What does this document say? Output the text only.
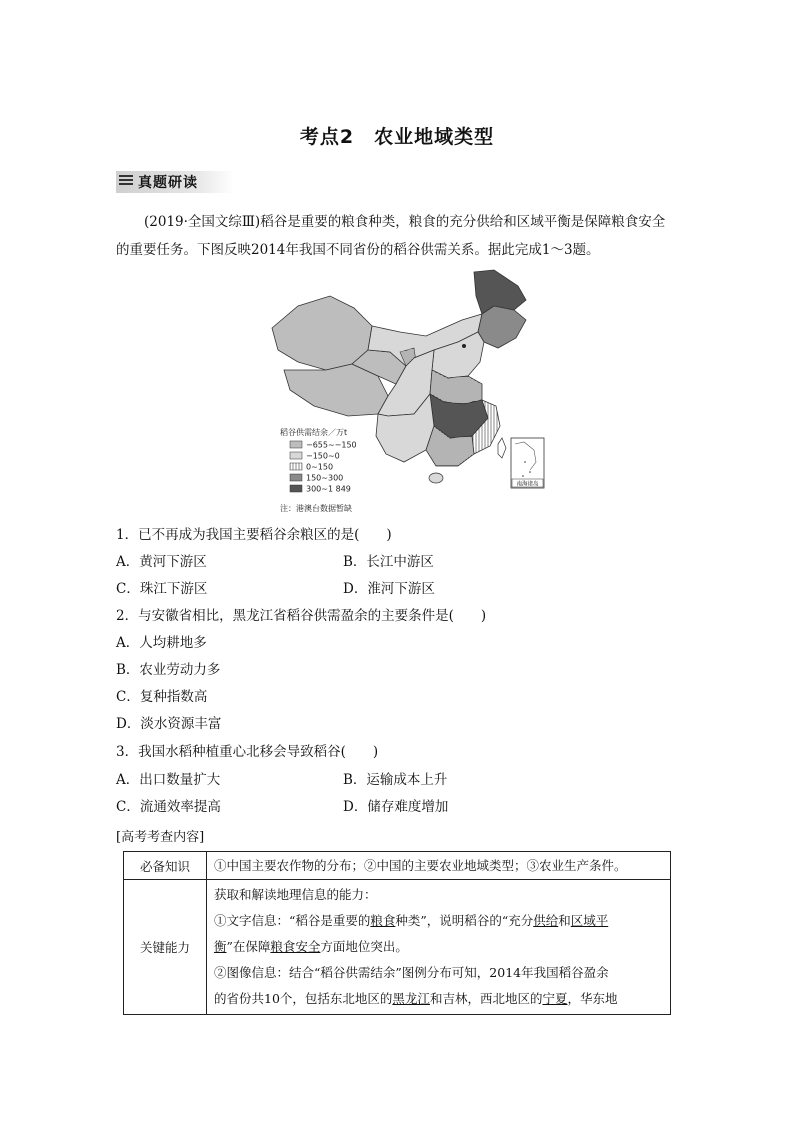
考点2　农业地域类型
真题研读
(2019·全国文综Ⅲ)稻谷是重要的粮食种类，粮食的充分供给和区域平衡是保障粮食安全的重要任务。下图反映2014年我国不同省份的稻谷供需关系。据此完成1～3题。
南海诸岛
稻谷供需结余／万t
−655~−150
−150~0
0~150
150~300
300~1 849
注：港澳台数据暂缺
1．已不再成为我国主要稻谷余粮区的是(　　)
A．黄河下游区	B．长江中游区
C．珠江下游区	D．淮河下游区
2．与安徽省相比，黑龙江省稻谷供需盈余的主要条件是(　　)
A．人均耕地多
B．农业劳动力多
C．复种指数高
D．淡水资源丰富
3．我国水稻种植重心北移会导致稻谷(　　)
A．出口数量扩大	B．运输成本上升
C．流通效率提高	D．储存难度增加
[高考考查内容]
必备知识	①中国主要农作物的分布；②中国的主要农业地域类型；③农业生产条件。
关键能力	获取和解读地理信息的能力：
①文字信息：“稻谷是重要的粮食种类”，说明稻谷的“充分供给和区域平
衡”在保障粮食安全方面地位突出。
②图像信息：结合“稻谷供需结余”图例分布可知，2014年我国稻谷盈余
的省份共10个，包括东北地区的黑龙江和吉林，西北地区的宁夏，华东地
